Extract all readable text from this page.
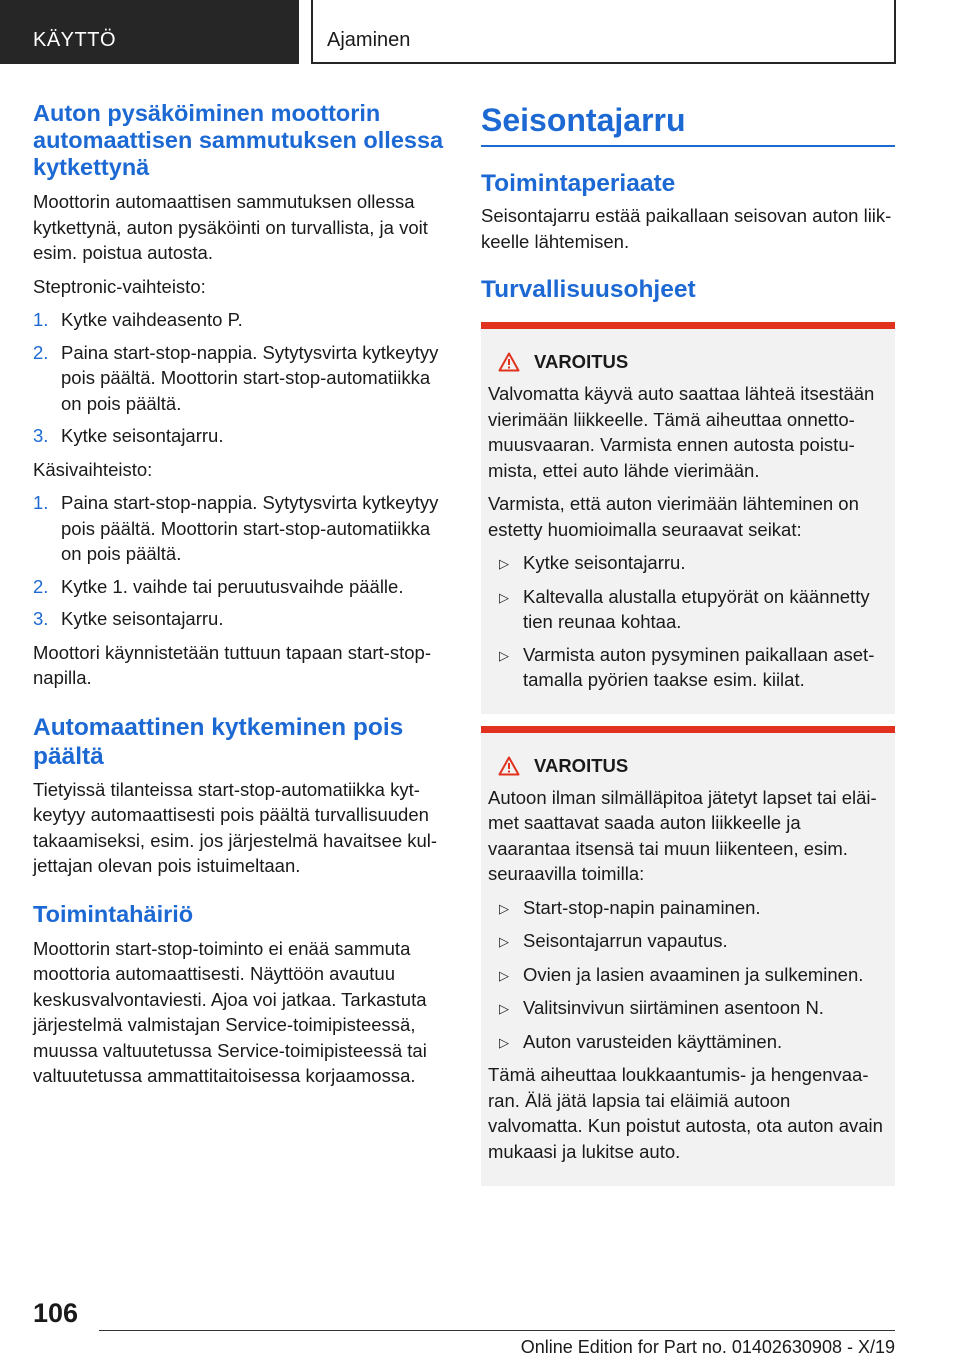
KÄYTTÖ	Ajaminen
Auton pysäköiminen moottorin automaattisen sammutuksen ollessa kytkettynä

Moottorin automaattisen sammutuksen ollessa kytkettynä, auton pysäköinti on turvallista, ja voit esim. poistua autosta.

Steptronic-vaihteisto:

1. Kytke vaihdeasento P.
2. Paina start-stop-nappia. Sytytysvirta kytkeytyy pois päältä. Moottorin start-stop-automatiikka on pois päältä.
3. Kytke seisontajarru.

Käsivaihteisto:

1. Paina start-stop-nappia. Sytytysvirta kytkeytyy pois päältä. Moottorin start-stop-automatiikka on pois päältä.
2. Kytke 1. vaihde tai peruutusvaihde päälle.
3. Kytke seisontajarru.

Moottori käynnistetään tuttuun tapaan start-stop-napilla.

Automaattinen kytkeminen pois päältä

Tietyissä tilanteissa start-stop-automatiikka kytkeytyy automaattisesti pois päältä turvallisuuden takaamiseksi, esim. jos järjestelmä havaitsee kuljettajan olevan pois istuimeltaan.

Toimintahäiriö

Moottorin start-stop-toiminto ei enää sammuta moottoria automaattisesti. Näyttöön avautuu keskusvalvontaviesti. Ajoa voi jatkaa. Tarkastuta järjestelmä valmistajan Service-toimipisteessä, muussa valtuutetussa Service-toimipisteessä tai valtuutetussa ammattitaitoisessa korjaamossa.

Seisontajarru
Toimintaperiaate

Seisontajarru estää paikallaan seisovan auton liikkeelle lähtemisen.

Turvallisuusohjeet
VAROITUS

Valvomatta käyvä auto saattaa lähteä itsestään vierimään liikkeelle. Tämä aiheuttaa onnettomuusvaaran. Varmista ennen autosta poistumista, ettei auto lähde vierimään.

Varmista, että auton vierimään lähteminen on estetty huomioimalla seuraavat seikat:

▷ Kytke seisontajarru.
▷ Kaltevalla alustalla etupyörät on käännetty tien reunaa kohtaa.
▷ Varmista auton pysyminen paikallaan asettamalla pyörien taakse esim. kiilat.
VAROITUS

Autoon ilman silmälläpitoa jätetyt lapset tai eläimet saattavat saada auton liikkeelle ja vaarantaa itsensä tai muun liikenteen, esim. seuraavilla toimilla:

▷ Start-stop-napin painaminen.
▷ Seisontajarrun vapautus.
▷ Ovien ja lasien avaaminen ja sulkeminen.
▷ Valitsinvivun siirtäminen asentoon N.
▷ Auton varusteiden käyttäminen.

Tämä aiheuttaa loukkaantumis- ja hengenvaaran. Älä jätä lapsia tai eläimiä autoon valvomatta. Kun poistut autosta, ota auton avain mukaasi ja lukitse auto.

106
Online Edition for Part no. 01402630908 - X/19
